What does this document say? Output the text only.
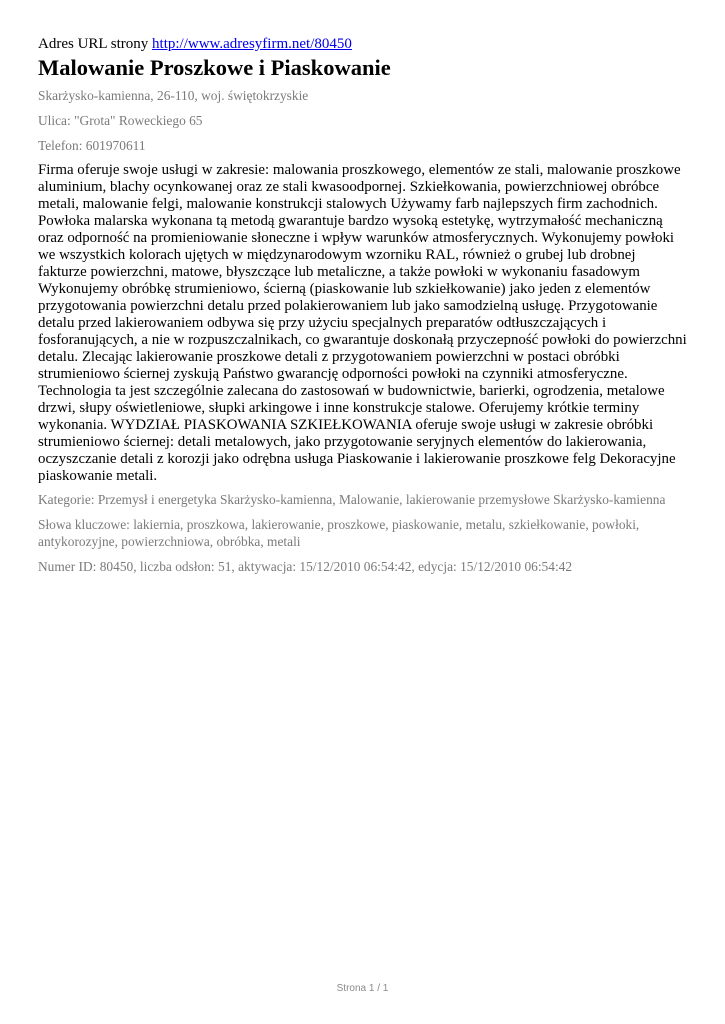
Adres URL strony http://www.adresyfirm.net/80450

Malowanie Proszkowe i Piaskowanie

Skarżysko-kamienna, 26-110, woj. świętokrzyskie

Ulica: "Grota" Roweckiego 65

Telefon: 601970611

Firma oferuje swoje usługi w zakresie: malowania proszkowego, elementów ze stali, malowanie proszkowe aluminium, blachy ocynkowanej oraz ze stali kwasoodpornej. Szkiełkowania, powierzchniowej obróbce metali, malowanie felgi, malowanie konstrukcji stalowych Używamy farb najlepszych firm zachodnich. Powłoka malarska wykonana tą metodą gwarantuje bardzo wysoką estetykę, wytrzymałość mechaniczną oraz odporność na promieniowanie słoneczne i wpływ warunków atmosferycznych. Wykonujemy powłoki we wszystkich kolorach ujętych w międzynarodowym wzorniku RAL, również o grubej lub drobnej fakturze powierzchni, matowe, błyszczące lub metaliczne, a także powłoki w wykonaniu fasadowym Wykonujemy obróbkę strumieniowo, ścierną (piaskowanie lub szkiełkowanie) jako jeden z elementów przygotowania powierzchni detalu przed polakierowaniem lub jako samodzielną usługę. Przygotowanie detalu przed lakierowaniem odbywa się przy użyciu specjalnych preparatów odtłuszczających i fosforanujących, a nie w rozpuszczalnikach, co gwarantuje doskonałą przyczepność powłoki do powierzchni detalu. Zlecając lakierowanie proszkowe detali z przygotowaniem powierzchni w postaci obróbki strumieniowo ściernej zyskują Państwo gwarancję odporności powłoki na czynniki atmosferyczne. Technologia ta jest szczególnie zalecana do zastosowań w budownictwie, barierki, ogrodzenia, metalowe drzwi, słupy oświetleniowe, słupki arkingowe i inne konstrukcje stalowe. Oferujemy krótkie terminy wykonania. WYDZIAŁ PIASKOWANIA SZKIEŁKOWANIA oferuje swoje usługi w zakresie obróbki strumieniowo ściernej: detali metalowych, jako przygotowanie seryjnych elementów do lakierowania, oczyszczanie detali z korozji jako odrębna usługa Piaskowanie i lakierowanie proszkowe felg Dekoracyjne piaskowanie metali.

Kategorie: Przemysł i energetyka Skarżysko-kamienna, Malowanie, lakierowanie przemysłowe Skarżysko-kamienna

Słowa kluczowe: lakiernia, proszkowa, lakierowanie, proszkowe, piaskowanie, metalu, szkiełkowanie, powłoki, antykorozyjne, powierzchniowa, obróbka, metali

Numer ID: 80450, liczba odsłon: 51, aktywacja: 15/12/2010 06:54:42, edycja: 15/12/2010 06:54:42

Strona 1 / 1
